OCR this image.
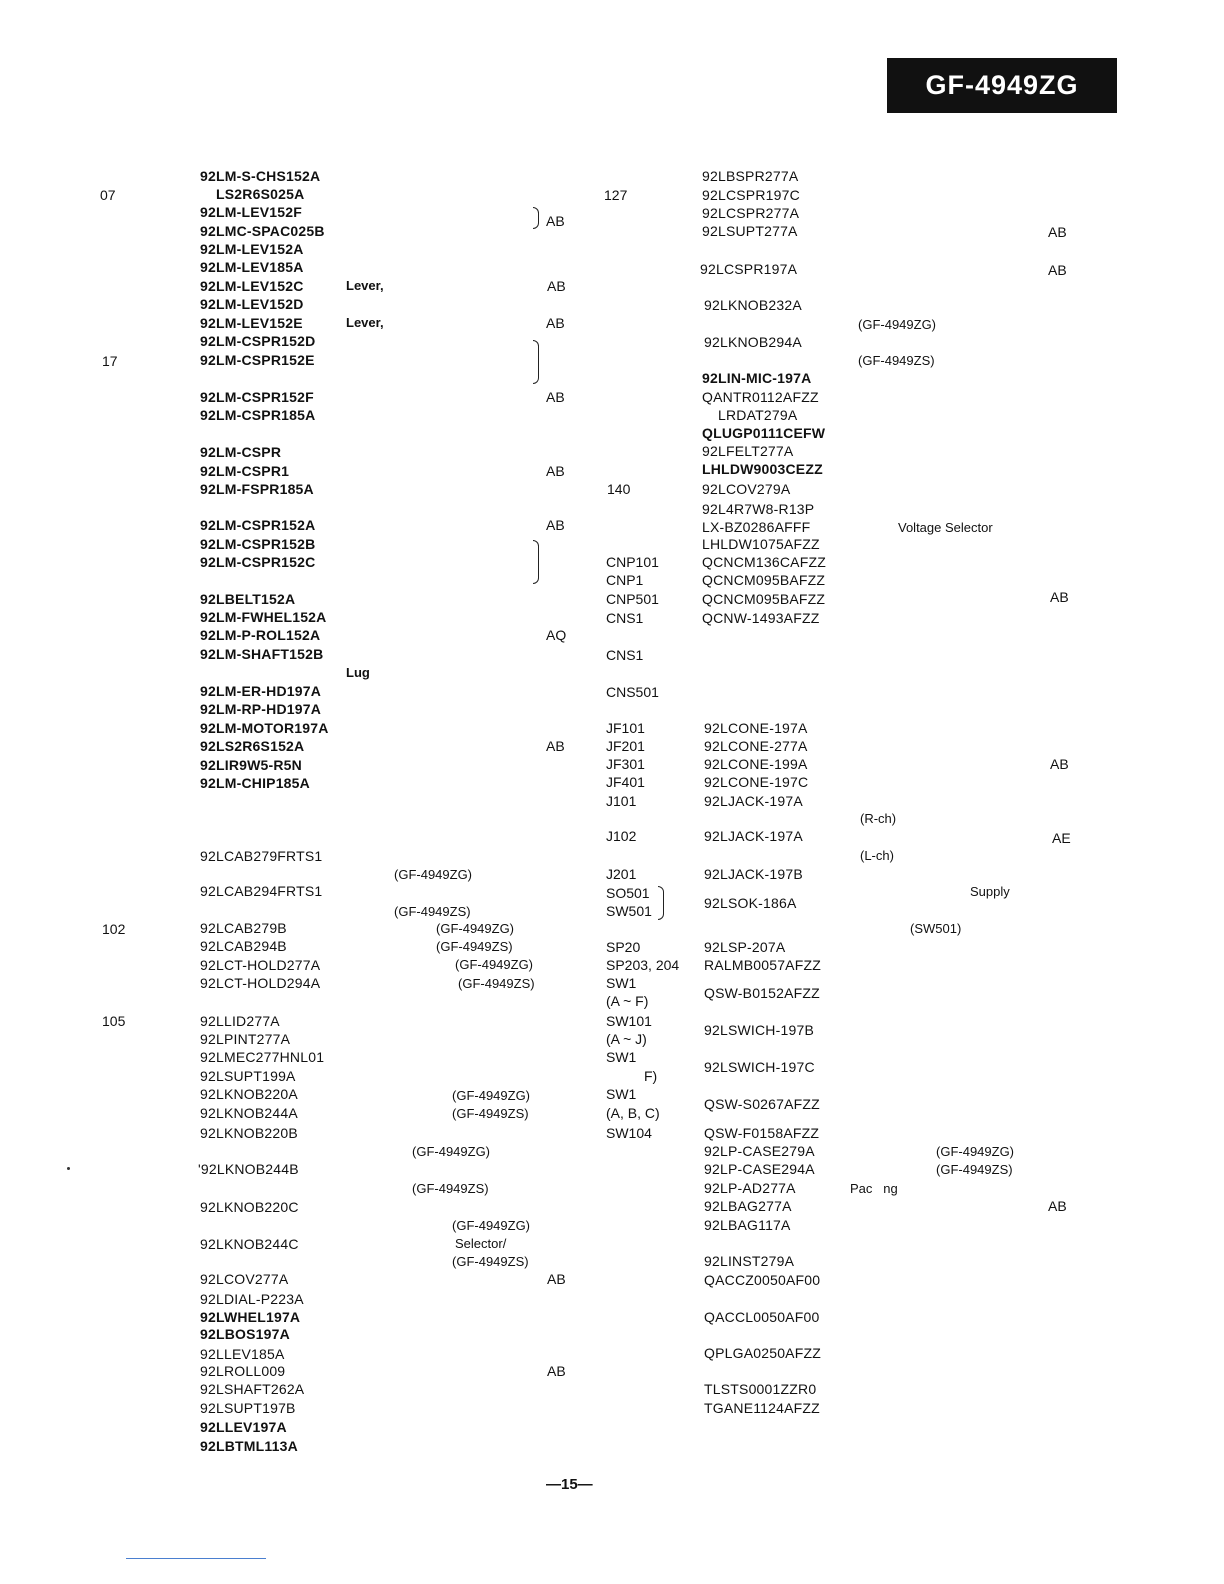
GF-4949ZG
92LM-S-CHS152A
LS2R6S025A
92LM-LEV152F
92LMC-SPAC025B
92LM-LEV152A
92LM-LEV185A
92LM-LEV152C
92LM-LEV152D
92LM-LEV152E
92LM-CSPR152D
92LM-CSPR152E
92LM-CSPR152F
92LM-CSPR185A
92LM-CSPR
92LM-CSPR1
92LM-FSPR185A
92LM-CSPR152A
92LM-CSPR152B
92LM-CSPR152C
92LBELT152A
92LM-FWHEL152A
92LM-P-ROL152A
92LM-SHAFT152B
92LM-ER-HD197A
92LM-RP-HD197A
92LM-MOTOR197A
92LS2R6S152A
92LIR9W5-R5N
92LM-CHIP185A
92LCAB279FRTS1
92LCAB294FRTS1
92LCAB279B
92LCAB294B
92LCT-HOLD277A
92LCT-HOLD294A
92LLID277A
92LPINT277A
92LMEC277HNL01
92LSUPT199A
92LKNOB220A
92LKNOB244A
92LKNOB220B
'92LKNOB244B
92LKNOB220C
92LKNOB244C
92LCOV277A
92LDIAL-P223A
92LWHEL197A
92LBOS197A
92LLEV185A
92LROLL009
92LSHAFT262A
92LSUPT197B
92LLEV197A
92LBTML113A
07
17
102
105
Lever,
Lever,
Lug
(GF-4949ZG)
(GF-4949ZS)
(GF-4949ZG)
(GF-4949ZS)
(GF-4949ZG)
(GF-4949ZS)
(GF-4949ZG)
(GF-4949ZS)
(GF-4949ZG)
(GF-4949ZS)
(GF-4949ZG)
Selector/
(GF-4949ZS)
AB
AB
AB
AB
AB
AB
AQ
AB
AB
AB
127
140
CNP101
CNP1
CNP501
CNS1
CNS1
CNS501
JF101
JF201
JF301
JF401
J101
J102
J201
SO501
SW501
SP20
SP203, 204
SW1
(A ~ F)
SW101
(A ~ J)
SW1
F)
SW1
(A, B, C)
SW104
92LBSPR277A
92LCSPR197C
92LCSPR277A
92LSUPT277A
92LCSPR197A
92LKNOB232A
92LKNOB294A
92LIN-MIC-197A
QANTR0112AFZZ
LRDAT279A
QLUGP0111CEFW
92LFELT277A
LHLDW9003CEZZ
92LCOV279A
92L4R7W8-R13P
LX-BZ0286AFFF
LHLDW1075AFZZ
QCNCM136CAFZZ
QCNCM095BAFZZ
QCNCM095BAFZZ
QCNW-1493AFZZ
92LCONE-197A
92LCONE-277A
92LCONE-199A
92LCONE-197C
92LJACK-197A
92LJACK-197A
92LJACK-197B
92LSOK-186A
92LSP-207A
RALMB0057AFZZ
QSW-B0152AFZZ
92LSWICH-197B
92LSWICH-197C
QSW-S0267AFZZ
QSW-F0158AFZZ
92LP-CASE279A
92LP-CASE294A
92LP-AD277A
92LBAG277A
92LBAG117A
92LINST279A
QACCZ0050AF00
QACCL0050AF00
QPLGA0250AFZZ
TLSTS0001ZZR0
TGANE1124AFZZ
(GF-4949ZG)
(GF-4949ZS)
Voltage Selector
(R-ch)
(L-ch)
Supply
(SW501)
(GF-4949ZG)
(GF-4949ZS)
Pac   ng
AB
AB
AB
AB
AE
AB
—15—
